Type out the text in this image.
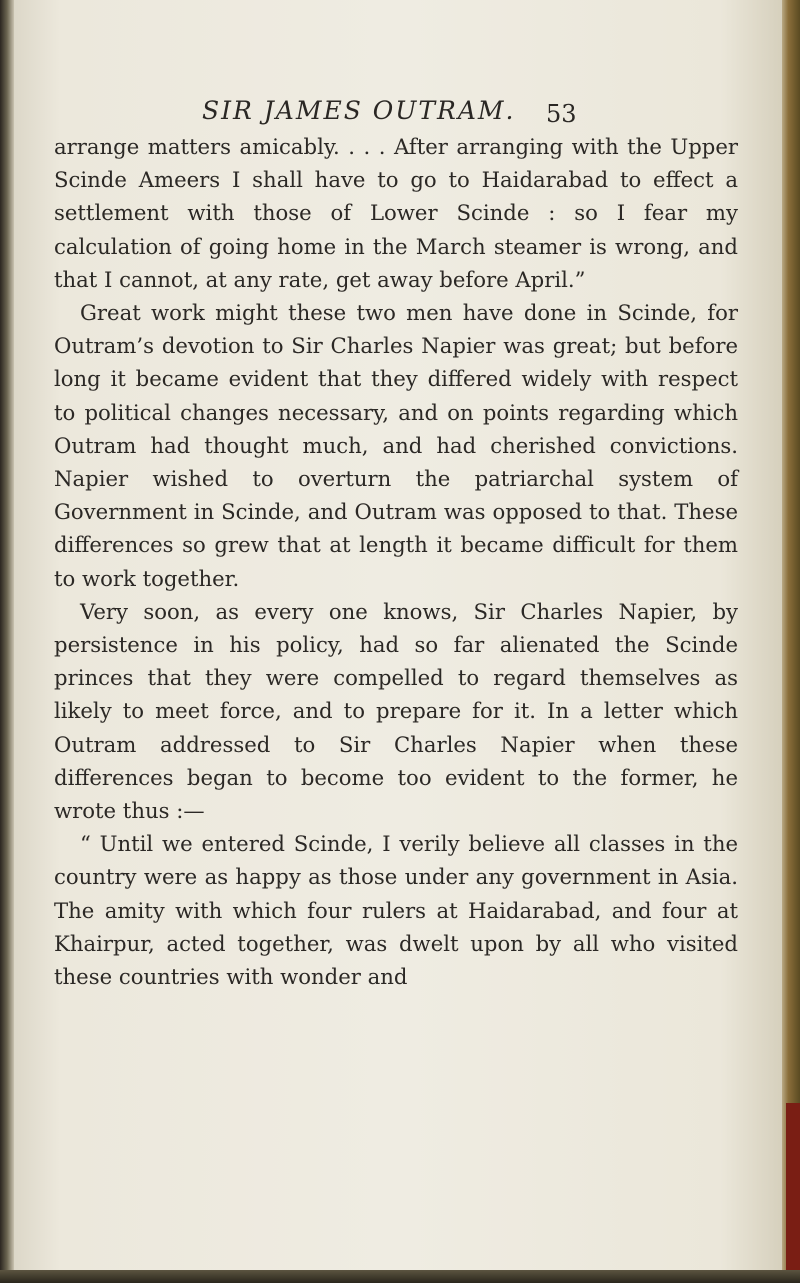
SIR JAMES OUTRAM. 53

arrange matters amicably. . . . After arranging with the Upper Scinde Ameers I shall have to go to Haidarabad to effect a settlement with those of Lower Scinde : so I fear my calculation of going home in the March steamer is wrong, and that I cannot, at any rate, get away before April.”

Great work might these two men have done in Scinde, for Outram’s devotion to Sir Charles Napier was great; but before long it became evident that they differed widely with respect to political changes necessary, and on points regarding which Outram had thought much, and had cherished convictions. Napier wished to overturn the patriarchal system of Government in Scinde, and Outram was opposed to that. These differences so grew that at length it became difficult for them to work together.

Very soon, as every one knows, Sir Charles Napier, by persistence in his policy, had so far alienated the Scinde princes that they were compelled to regard themselves as likely to meet force, and to prepare for it. In a letter which Outram addressed to Sir Charles Napier when these differences began to become too evident to the former, he wrote thus :—

“ Until we entered Scinde, I verily believe all classes in the country were as happy as those under any government in Asia. The amity with which four rulers at Haidarabad, and four at Khairpur, acted together, was dwelt upon by all who visited these countries with wonder and
